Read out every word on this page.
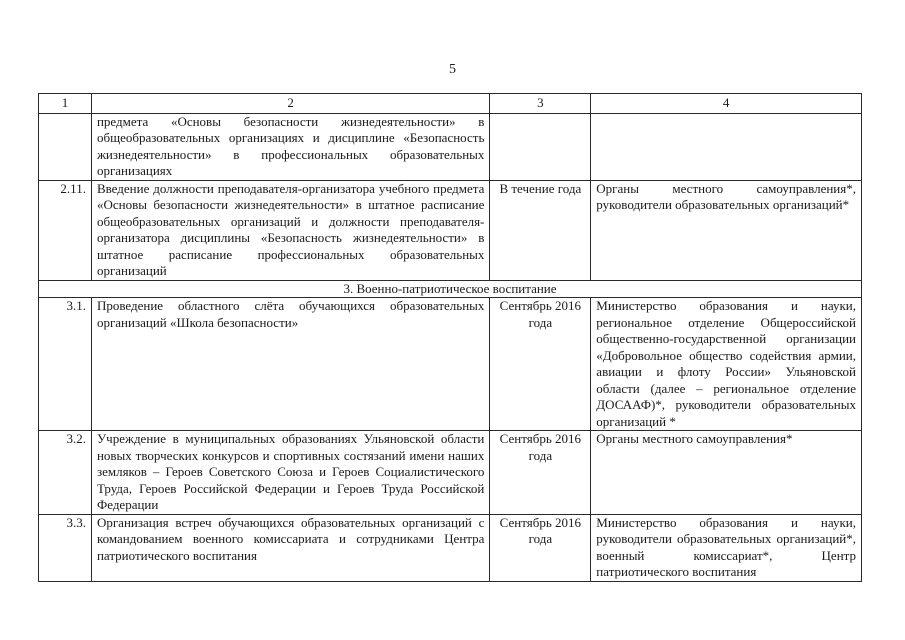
5
1	2	3	4
	предмета «Основы безопасности жизнедеятельности» в общеобразовательных организациях и дисциплине «Безопасность жизнедеятельности» в профессиональных образовательных организациях		
2.11.	Введение должности преподавателя-организатора учебного предмета «Основы безопасности жизнедеятельности» в штатное расписание общеобразовательных организаций и должности преподавателя-организатора дисциплины «Безопасность жизнедеятельности» в штатное расписание профессиональных образовательных организаций	В течение года	Органы местного самоуправления*, руководители образовательных организаций*
3. Военно-патриотическое воспитание			
3.1.	Проведение областного слёта обучающихся образовательных организаций «Школа безопасности»	Сентябрь 2016 года	Министерство образования и науки, региональное отделение Общероссийской общественно-государственной организации «Добровольное общество содействия армии, авиации и флоту России» Ульяновской области (далее – региональное отделение ДОСААФ)*, руководители образовательных организаций *
3.2.	Учреждение в муниципальных образованиях Ульяновской области новых творческих конкурсов и спортивных состязаний имени наших земляков – Героев Советского Союза и Героев Социалистического Труда, Героев Российской Федерации и Героев Труда Российской Федерации	Сентябрь 2016 года	Органы местного самоуправления*
3.3.	Организация встреч обучающихся образовательных организаций с командованием военного комиссариата и сотрудниками Центра патриотического воспитания	Сентябрь 2016 года	Министерство образования и науки, руководители образовательных организаций*, военный комиссариат*, Центр патриотического воспитания
